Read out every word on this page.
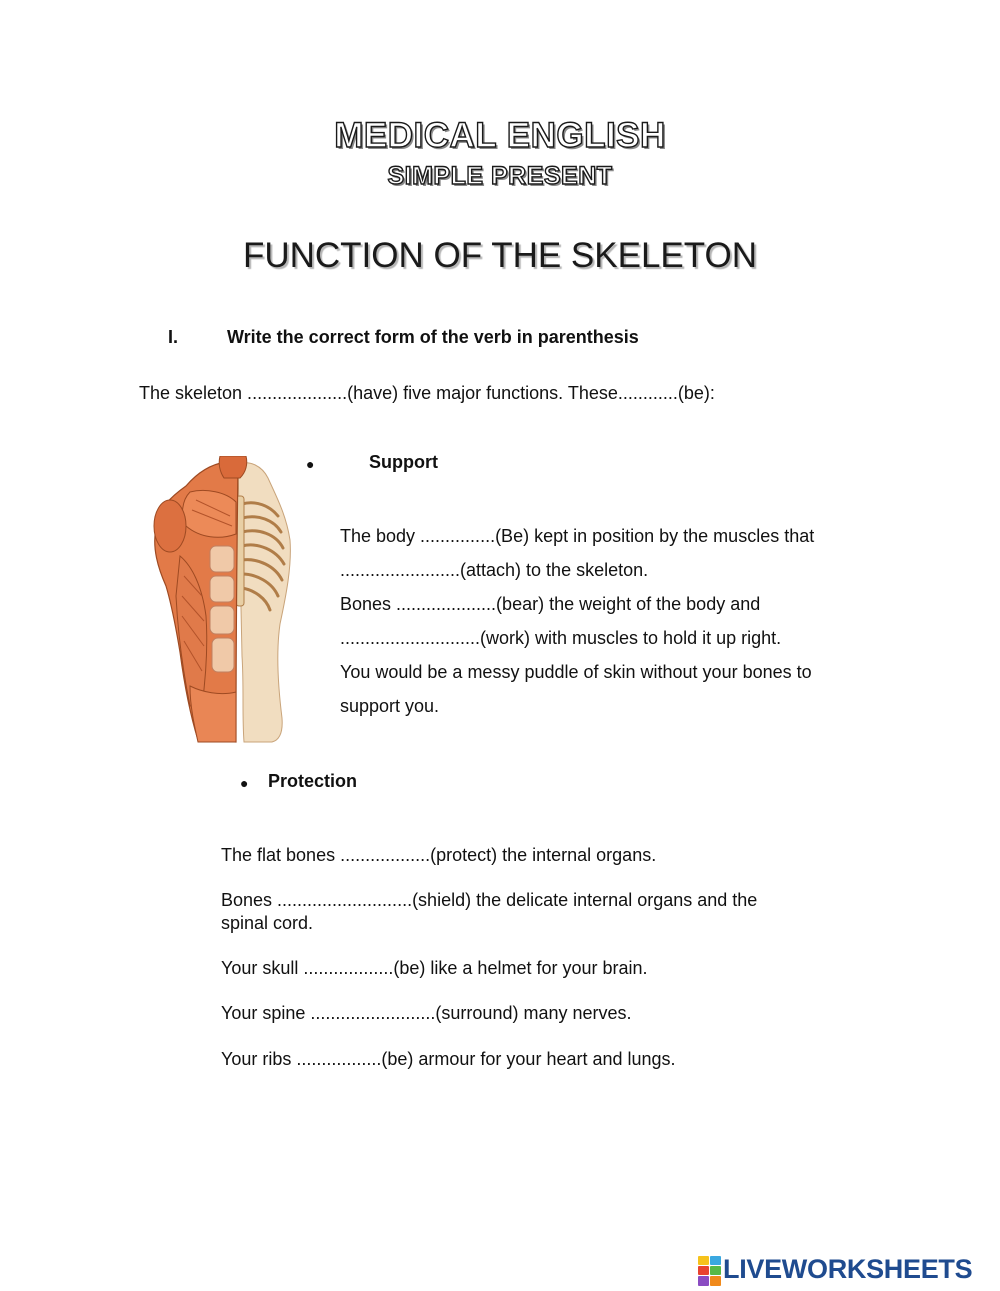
MEDICAL ENGLISH
SIMPLE PRESENT
FUNCTION OF THE SKELETON
I.	Write the correct form of the verb in parenthesis
The skeleton ....................(have) five major functions. These............(be):
●	Support
The body ...............(Be) kept in position by the muscles that
........................(attach) to the skeleton.
Bones ....................(bear) the weight of the body and
............................(work) with muscles to hold it up right.
You would be a messy puddle of skin without your bones to
support you.
● Protection
The flat bones ..................(protect) the internal organs.
Bones ...........................(shield) the delicate internal organs and the spinal cord.
Your skull ..................(be) like a helmet for your brain.
Your spine .........................(surround) many nerves.
Your ribs .................(be) armour for your heart and lungs.
LIVEWORKSHEETS
